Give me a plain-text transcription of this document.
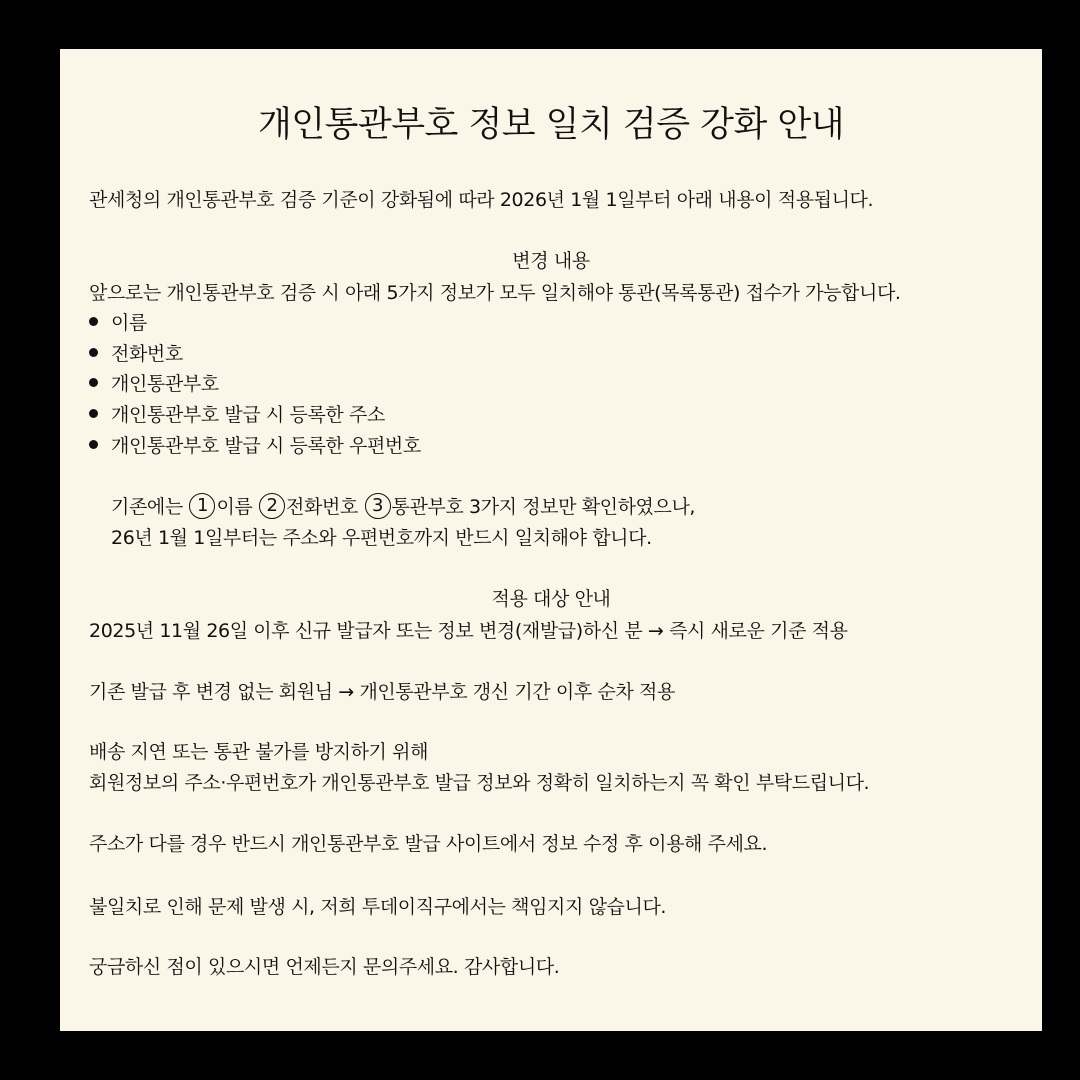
개인통관부호 정보 일치 검증 강화 안내
관세청의 개인통관부호 검증 기준이 강화됨에 따라 2026년 1월 1일부터 아래 내용이 적용됩니다.
변경 내용
앞으로는 개인통관부호 검증 시 아래 5가지 정보가 모두 일치해야 통관(목록통관) 접수가 가능합니다.
이름
전화번호
개인통관부호
개인통관부호 발급 시 등록한 주소
개인통관부호 발급 시 등록한 우편번호
기존에는 1 이름 2 전화번호 3 통관부호 3가지 정보만 확인하였으나,
26년 1월 1일부터는 주소와 우편번호까지 반드시 일치해야 합니다.
적용 대상 안내
2025년 11월 26일 이후 신규 발급자 또는 정보 변경(재발급)하신 분 → 즉시 새로운 기준 적용
기존 발급 후 변경 없는 회원님 → 개인통관부호 갱신 기간 이후 순차 적용
배송 지연 또는 통관 불가를 방지하기 위해
회원정보의 주소·우편번호가 개인통관부호 발급 정보와 정확히 일치하는지 꼭 확인 부탁드립니다.
주소가 다를 경우 반드시 개인통관부호 발급 사이트에서 정보 수정 후 이용해 주세요.
불일치로 인해 문제 발생 시, 저희 투데이직구에서는 책임지지 않습니다.
궁금하신 점이 있으시면 언제든지 문의주세요. 감사합니다.
